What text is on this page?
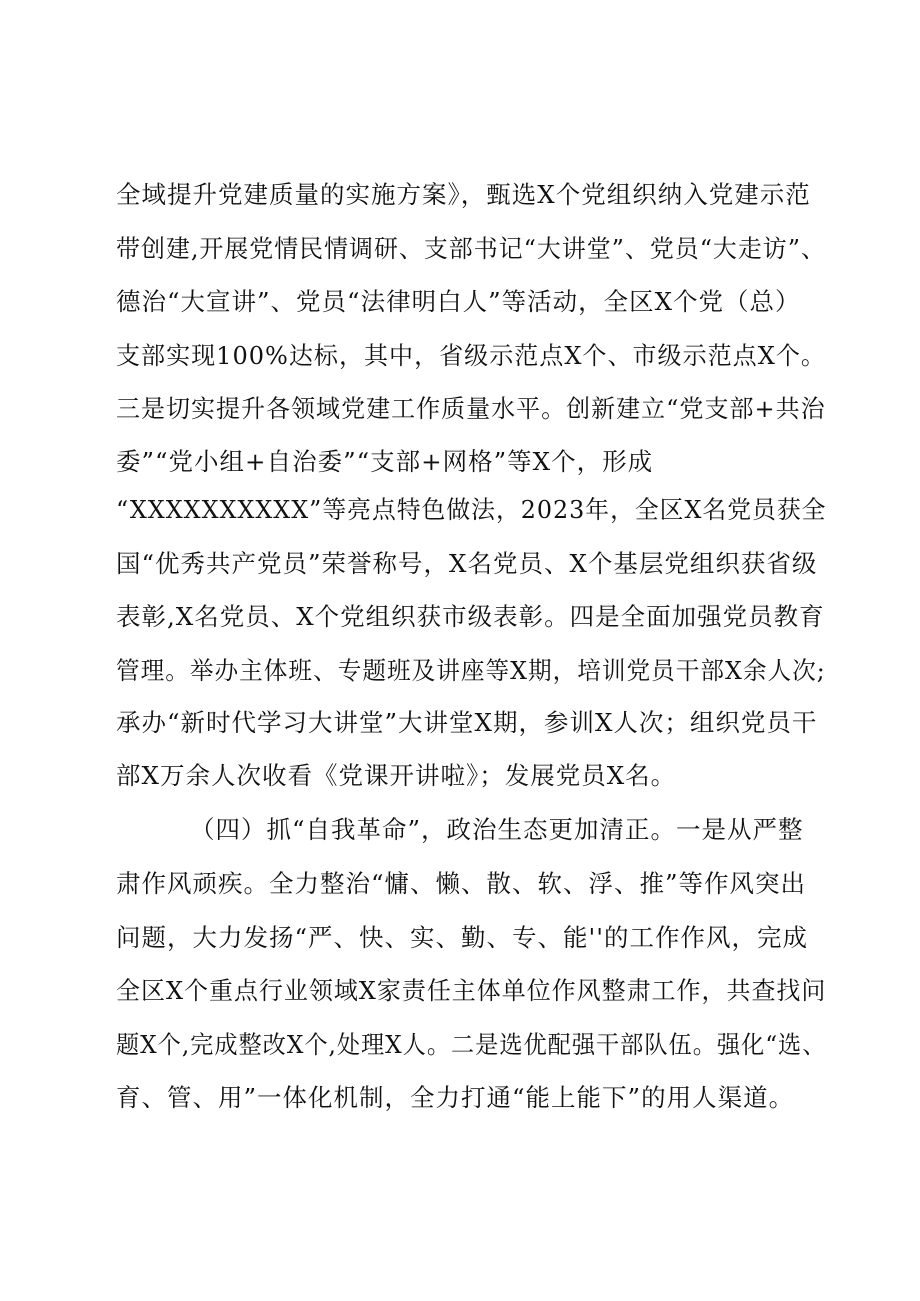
全域提升党建质量的实施方案》，甄选X个党组织纳入党建示范
带创建,开展党情民情调研、支部书记“大讲堂”、党员“大走访”、
德治“大宣讲”、党员“法律明白人”等活动，全区X个党（总）
支部实现100%达标，其中，省级示范点X个、市级示范点X个。
三是切实提升各领域党建工作质量水平。创新建立“党支部+共治
委”“党小组+自治委”“支部+网格”等X个，形成
“XXXXXXXXXX”等亮点特色做法，2023年，全区X名党员获全
国“优秀共产党员”荣誉称号，X名党员、X个基层党组织获省级
表彰,X名党员、X个党组织获市级表彰。四是全面加强党员教育
管理。举办主体班、专题班及讲座等X期，培训党员干部X余人次;
承办“新时代学习大讲堂”大讲堂X期，参训X人次；组织党员干
部X万余人次收看《党课开讲啦》；发展党员X名。
（四）抓“自我革命”，政治生态更加清正。一是从严整
肃作风顽疾。全力整治“慵、懒、散、软、浮、推”等作风突出
问题，大力发扬“严、快、实、勤、专、能''的工作作风，完成
全区X个重点行业领域X家责任主体单位作风整肃工作，共查找问
题X个,完成整改X个,处理X人。二是选优配强干部队伍。强化“选、
育、管、用”一体化机制，全力打通“能上能下”的用人渠道。
